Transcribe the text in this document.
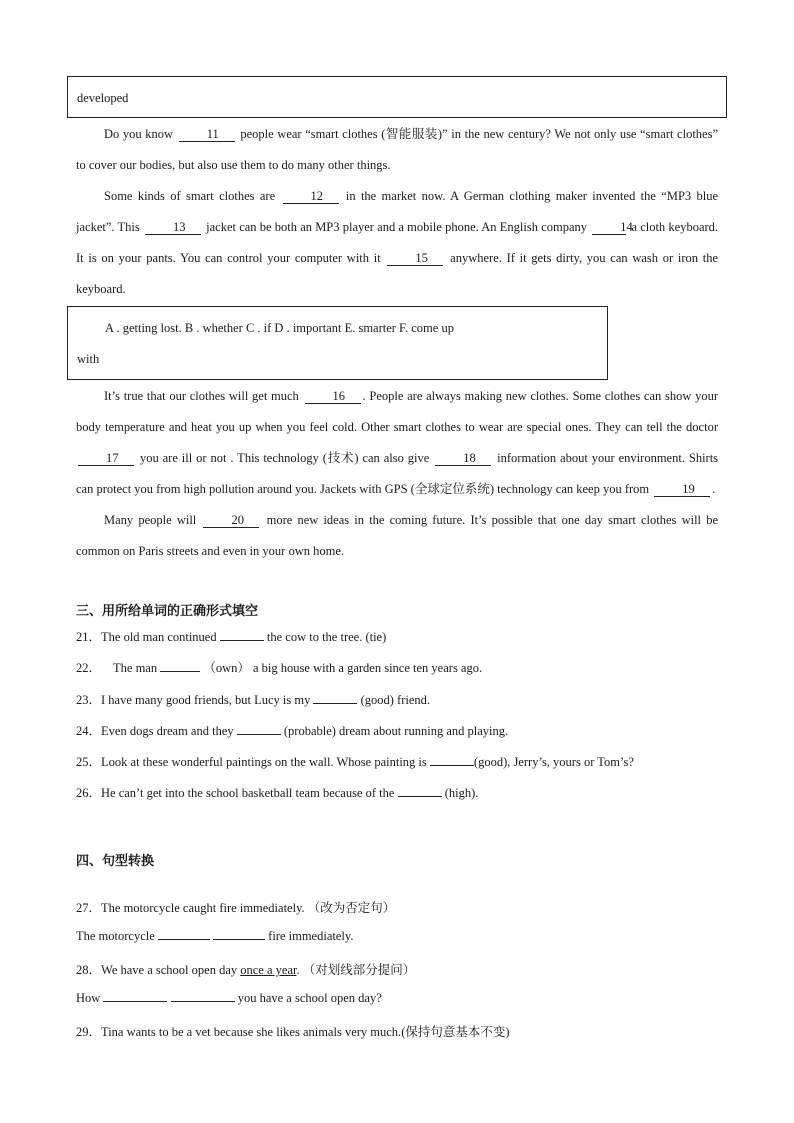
developed

Do you know	11 people wear “smart clothes (智能服装)” in the new century? We not only use “smart clothes” to cover our bodies, but also use them to do many other things.

Some kinds of smart clothes are	12 in the market now. A German clothing maker invented the “MP3 blue jacket”. This	13 jacket can be both an MP3 player and a mobile phone. An English company	14 a cloth keyboard. It is on your pants. You can control your computer with it	15 anywhere. If it gets dirty, you can wash or iron the keyboard.

A . getting lost. B . whether C . if D . important E. smarter F. come up
with

It’s true that our clothes will get much	16 . People are always making new clothes. Some clothes can show your body temperature and heat you up when you feel cold. Other smart clothes to wear are special ones. They can tell the doctor 17 you are ill or not . This technology (技术) can also give	18 information about your environment. Shirts can protect you from high pollution around you. Jackets with GPS (全球定位系统) technology can keep you from	19 .

Many people will	20 more new ideas in the coming future. It’s possible that one day smart clothes will be common on Paris streets and even in your own home.

三、用所给单词的正确形式填空
21．The old man continued	the cow to the tree. (tie)
22． The man	（own） a big house with a garden since ten years ago.
23．I have many good friends, but Lucy is my	(good) friend.
24．Even dogs dream and they	(probable) dream about running and playing.
25．Look at these wonderful paintings on the wall. Whose painting is	(good), Jerry’s, yours or Tom’s?
26．He can’t get into the school basketball team because of the	(high).
四、句型转换
27．The motorcycle caught fire immediately. （改为否定句）
The motorcycle	fire immediately.
28．We have a school open day once a year. （对划线部分提问）
How	you have a school open day?
29．Tina wants to be a vet because she likes animals very much.(保持句意基本不变)
